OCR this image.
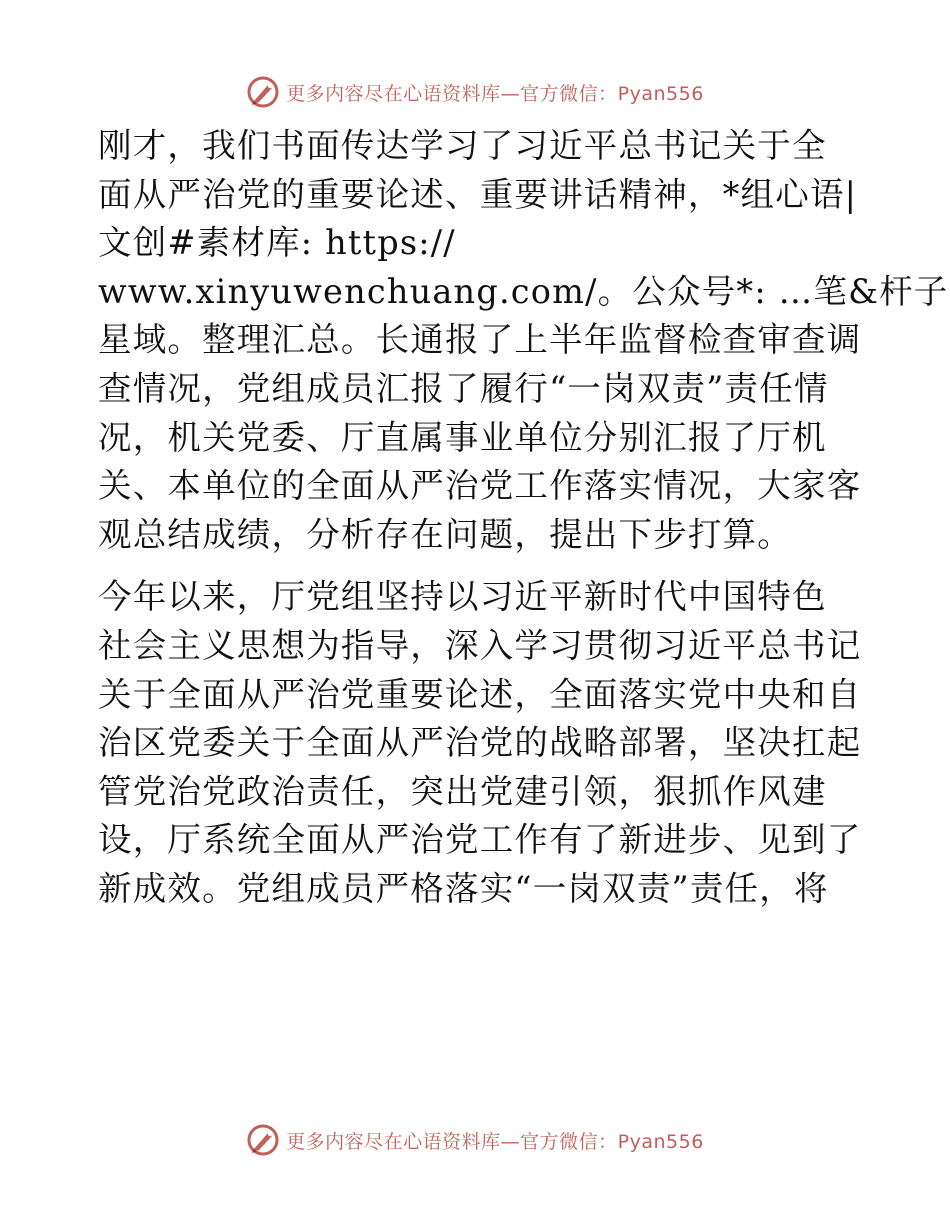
更多内容尽在心语资料库—官方微信：Pyan556
刚才，我们书面传达学习了习近平总书记关于全
面从严治党的重要论述、重要讲话精神，*组心语|
文创#素材库: https://
www.xinyuwenchuang.com/。公众号*: …笔&杆子
星域。整理汇总。长通报了上半年监督检查审查调
查情况，党组成员汇报了履行“一岗双责”责任情
况，机关党委、厅直属事业单位分别汇报了厅机
关、本单位的全面从严治党工作落实情况，大家客
观总结成绩，分析存在问题，提出下步打算。
今年以来，厅党组坚持以习近平新时代中国特色
社会主义思想为指导，深入学习贯彻习近平总书记
关于全面从严治党重要论述，全面落实党中央和自
治区党委关于全面从严治党的战略部署，坚决扛起
管党治党政治责任，突出党建引领，狠抓作风建
设，厅系统全面从严治党工作有了新进步、见到了
新成效。党组成员严格落实“一岗双责”责任，将
更多内容尽在心语资料库—官方微信：Pyan556
